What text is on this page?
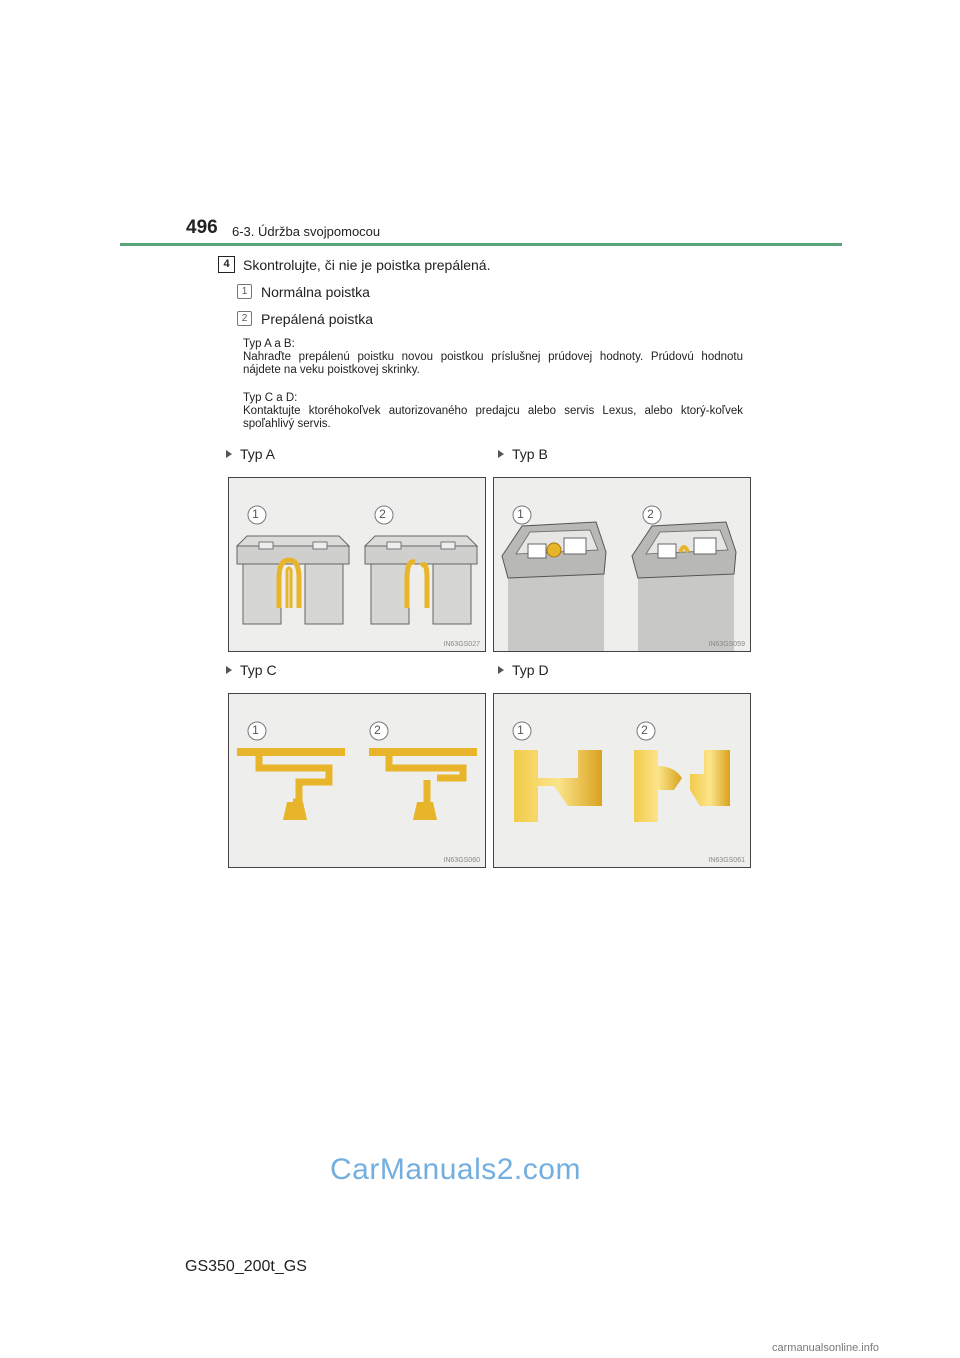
496 6-3. Údržba svojpomocou
4 Skontrolujte, či nie je poistka prepálená.
1 Normálna poistka
2 Prepálená poistka

Typ A a B:

Nahraďte prepálenú poistku novou poistkou príslušnej prúdovej hodnoty. Prúdovú hodnotu nájdete na veku poistkovej skrinky.

Typ C a D:

Kontaktujte ktoréhokoľvek autorizovaného predajcu alebo servis Lexus, alebo ktorý-koľvek spoľahlivý servis.

Typ A	Typ B
1	2
IN63GS027
1	2
IN63GS059
Typ C	Typ D
1	2
IN63GS060
1	2
IN63GS061
CarManuals2.com
GS350_200t_GS
carmanualsonline.info
